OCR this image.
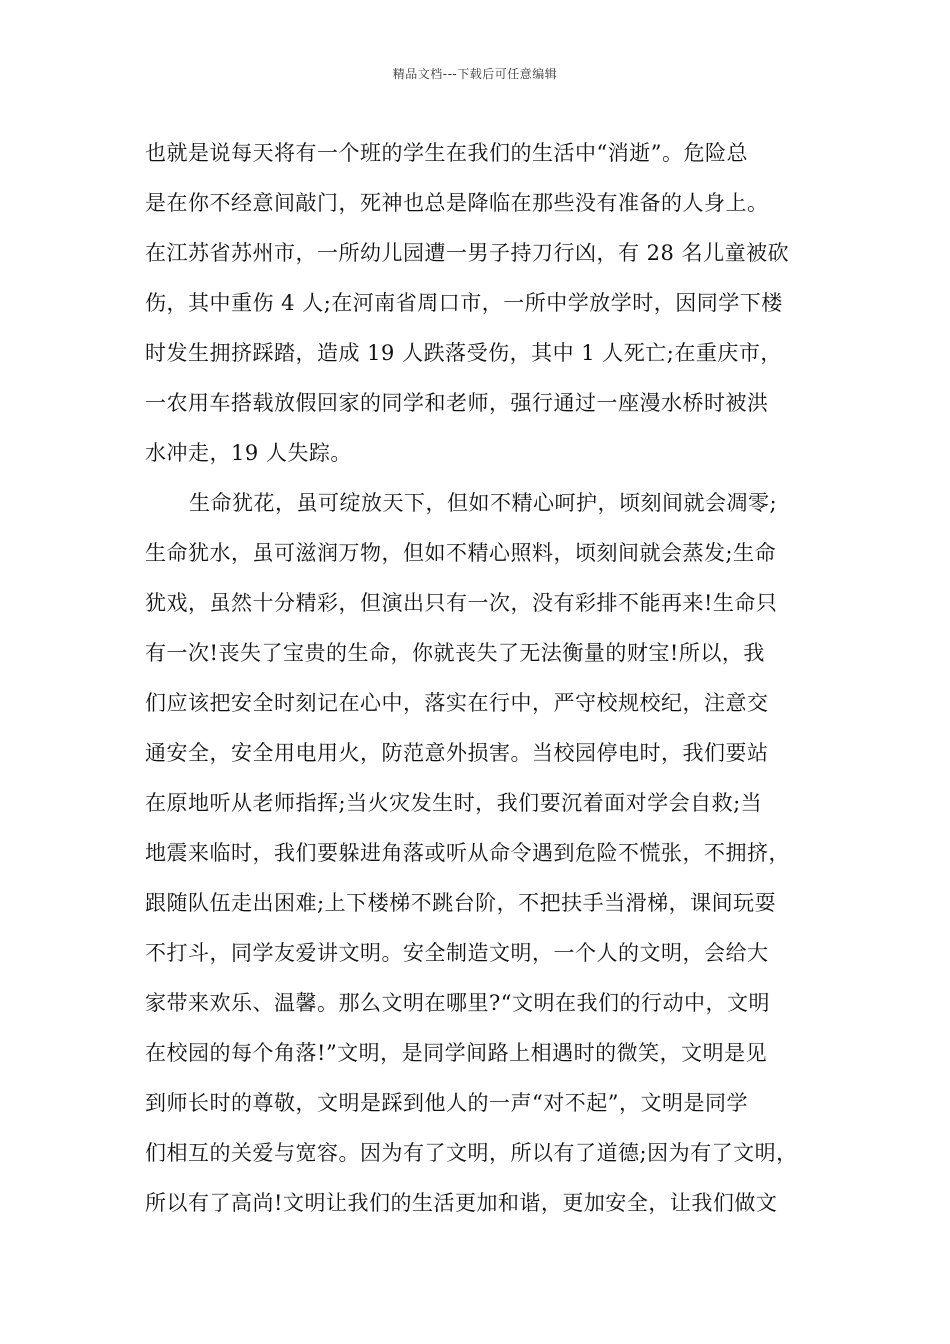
精品文档---下载后可任意编辑
也就是说每天将有一个班的学生在我们的生活中“消逝”。危险总
是在你不经意间敲门，死神也总是降临在那些没有准备的人身上。
在江苏省苏州市，一所幼儿园遭一男子持刀行凶，有 28 名儿童被砍
伤，其中重伤 4 人;在河南省周口市，一所中学放学时，因同学下楼
时发生拥挤踩踏，造成 19 人跌落受伤，其中 1 人死亡;在重庆市，
一农用车搭载放假回家的同学和老师，强行通过一座漫水桥时被洪
水冲走，19 人失踪。
生命犹花，虽可绽放天下，但如不精心呵护，顷刻间就会凋零;
生命犹水，虽可滋润万物，但如不精心照料，顷刻间就会蒸发;生命
犹戏，虽然十分精彩，但演出只有一次，没有彩排不能再来!生命只
有一次!丧失了宝贵的生命，你就丧失了无法衡量的财宝!所以，我
们应该把安全时刻记在心中，落实在行中，严守校规校纪，注意交
通安全，安全用电用火，防范意外损害。当校园停电时，我们要站
在原地听从老师指挥;当火灾发生时，我们要沉着面对学会自救;当
地震来临时，我们要躲进角落或听从命令遇到危险不慌张，不拥挤，
跟随队伍走出困难;上下楼梯不跳台阶，不把扶手当滑梯，课间玩耍
不打斗，同学友爱讲文明。安全制造文明，一个人的文明，会给大
家带来欢乐、温馨。那么文明在哪里?“文明在我们的行动中，文明
在校园的每个角落!”文明，是同学间路上相遇时的微笑，文明是见
到师长时的尊敬，文明是踩到他人的一声“对不起”，文明是同学
们相互的关爱与宽容。因为有了文明，所以有了道德;因为有了文明，
所以有了高尚!文明让我们的生活更加和谐，更加安全，让我们做文
